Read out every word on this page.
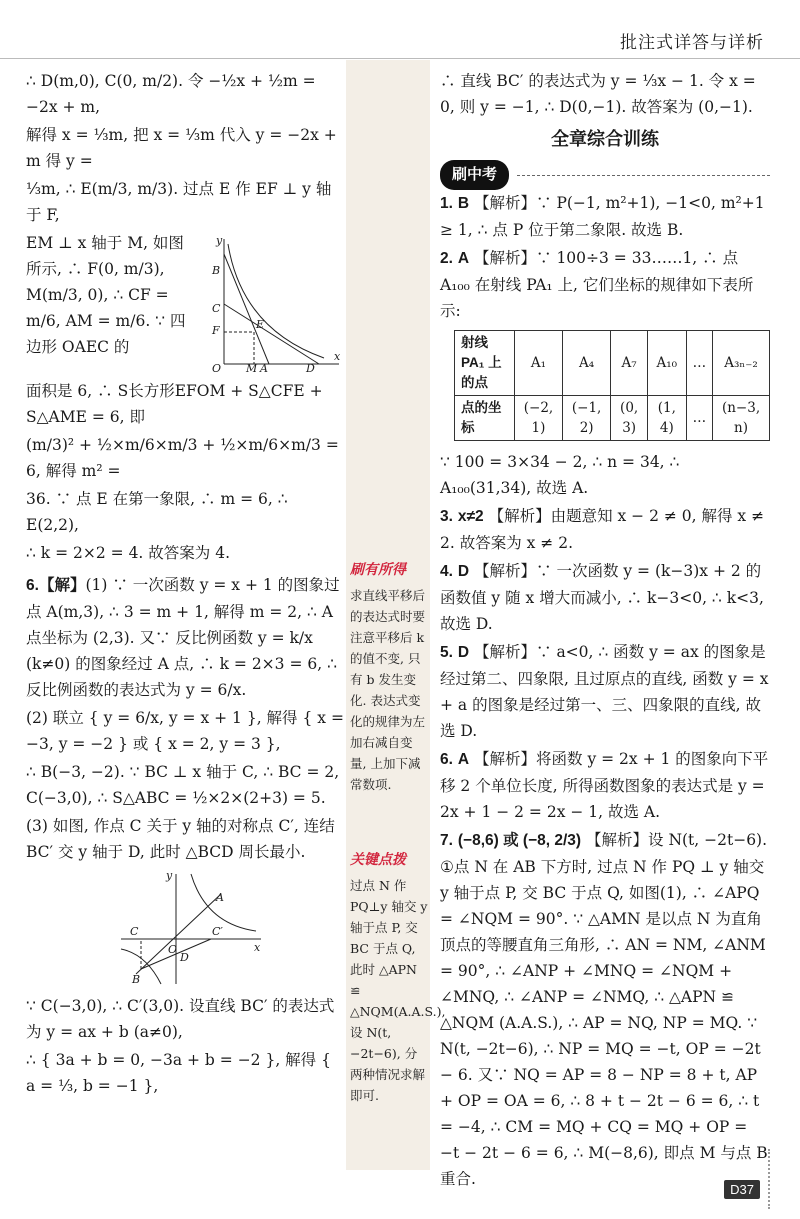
批注式详答与详析
∴ D(m,0), C(0, m/2). 令 −½x + ½m = −2x + m,
解得 x = ⅓m, 把 x = ⅓m 代入 y = −2x + m 得 y =
⅓m, ∴ E(m/3, m/3). 过点 E 作 EF ⊥ y 轴于 F,
B
C
F	E
O M A	D
x
y
EM ⊥ x 轴于 M, 如图所示, ∴ F(0, m/3), M(m/3, 0), ∴ CF = m/6, AM = m/6. ∵ 四边形 OAEC 的
面积是 6, ∴ S长方形EFOM + S△CFE + S△AME = 6, 即
(m/3)² + ½×m/6×m/3 + ½×m/6×m/3 = 6, 解得 m² =
36. ∵ 点 E 在第一象限, ∴ m = 6, ∴ E(2,2),
∴ k = 2×2 = 4. 故答案为 4.
6.【解】(1) ∵ 一次函数 y = x + 1 的图象过点 A(m,3), ∴ 3 = m + 1, 解得 m = 2, ∴ A 点坐标为 (2,3). 又∵ 反比例函数 y = k/x (k≠0) 的图象经过 A 点, ∴ k = 2×3 = 6, ∴ 反比例函数的表达式为 y = 6/x.
(2) 联立 { y = 6/x, y = x + 1 }, 解得 { x = −3, y = −2 } 或 { x = 2, y = 3 },
∴ B(−3, −2). ∵ BC ⊥ x 轴于 C, ∴ BC = 2, C(−3,0), ∴ S△ABC = ½×2×(2+3) = 5.
(3) 如图, 作点 C 关于 y 轴的对称点 C′, 连结 BC′ 交 y 轴于 D, 此时 △BCD 周长最小.
y
A
C	C′
O
D
B
x
∵ C(−3,0), ∴ C′(3,0). 设直线 BC′ 的表达式为 y = ax + b (a≠0),
∴ { 3a + b = 0, −3a + b = −2 }, 解得 { a = ⅓, b = −1 },
刷有所得
求直线平移后的表达式时要注意平移后 k 的值不变, 只有 b 发生变化. 表达式变化的规律为左加右减自变量, 上加下减常数项.
关键点拨
过点 N 作 PQ⊥y 轴交 y 轴于点 P, 交 BC 于点 Q, 此时 △APN ≌ △NQM(A.A.S.), 设 N(t, −2t−6), 分两种情况求解即可.
∴ 直线 BC′ 的表达式为 y = ⅓x − 1. 令 x = 0, 则 y = −1, ∴ D(0,−1). 故答案为 (0,−1).
全章综合训练
刷中考
1. B 【解析】∵ P(−1, m²+1), −1<0, m²+1 ≥ 1, ∴ 点 P 位于第二象限. 故选 B.
2. A 【解析】∵ 100÷3 = 33……1, ∴ 点 A₁₀₀ 在射线 PA₁ 上, 它们坐标的规律如下表所示:
射线 PA₁ 上的点	A₁	A₄	A₇	A₁₀	…	A₃ₙ₋₂
点的坐标	(−2, 1)	(−1, 2)	(0, 3)	(1, 4)	…	(n−3, n)
∵ 100 = 3×34 − 2, ∴ n = 34, ∴ A₁₀₀(31,34), 故选 A.
3. x≠2 【解析】由题意知 x − 2 ≠ 0, 解得 x ≠ 2. 故答案为 x ≠ 2.
4. D 【解析】∵ 一次函数 y = (k−3)x + 2 的函数值 y 随 x 增大而减小, ∴ k−3<0, ∴ k<3, 故选 D.
5. D 【解析】∵ a<0, ∴ 函数 y = ax 的图象是经过第二、四象限, 且过原点的直线, 函数 y = x + a 的图象是经过第一、三、四象限的直线, 故选 D.
6. A 【解析】将函数 y = 2x + 1 的图象向下平移 2 个单位长度, 所得函数图象的表达式是 y = 2x + 1 − 2 = 2x − 1, 故选 A.
7. (−8,6) 或 (−8, 2/3) 【解析】设 N(t, −2t−6). ①点 N 在 AB 下方时, 过点 N 作 PQ ⊥ y 轴交 y 轴于点 P, 交 BC 于点 Q, 如图(1), ∴ ∠APQ = ∠NQM = 90°. ∵ △AMN 是以点 N 为直角顶点的等腰直角三角形, ∴ AN = NM, ∠ANM = 90°, ∴ ∠ANP + ∠MNQ = ∠NQM + ∠MNQ, ∴ ∠ANP = ∠NMQ, ∴ △APN ≌ △NQM (A.A.S.), ∴ AP = NQ, NP = MQ. ∵ N(t, −2t−6), ∴ NP = MQ = −t, OP = −2t − 6. 又∵ NQ = AP = 8 − NP = 8 + t, AP + OP = OA = 6, ∴ 8 + t − 2t − 6 = 6, ∴ t = −4, ∴ CM = MQ + CQ = MQ + OP = −t − 2t − 6 = 6, ∴ M(−8,6), 即点 M 与点 B 重合.
D37
